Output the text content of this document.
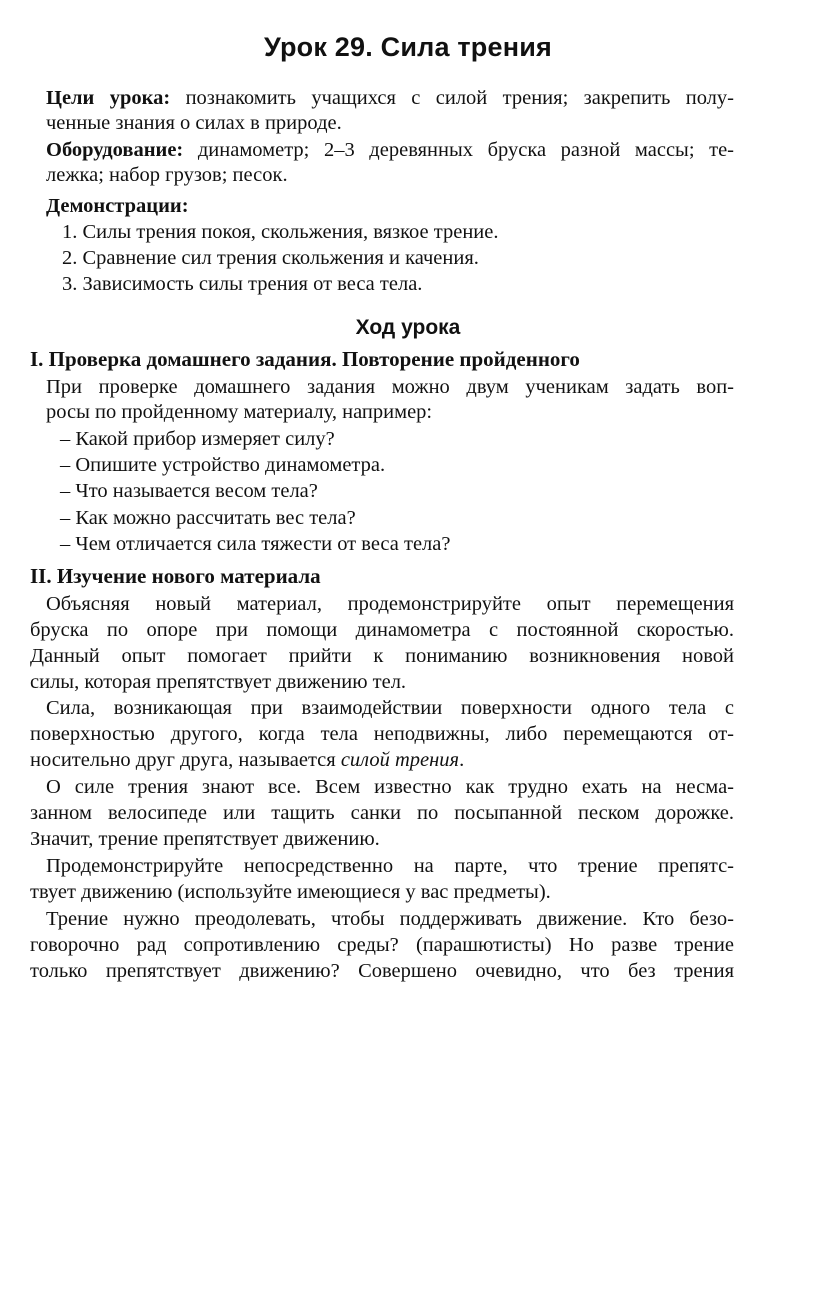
Урок 29. Сила трения
Цели урока: познакомить учащихся с силой трения; закрепить полу-
ченные знания о силах в природе.
Оборудование: динамометр; 2–3 деревянных бруска разной массы; те-
лежка; набор грузов; песок.
Демонстрации:
1. Силы трения покоя, скольжения, вязкое трение.
2. Сравнение сил трения скольжения и качения.
3. Зависимость силы трения от веса тела.
Ход урока
I. Проверка домашнего задания. Повторение пройденного
При проверке домашнего задания можно двум ученикам задать воп-
росы по пройденному материалу, например:
– Какой прибор измеряет силу?
– Опишите устройство динамометра.
– Что называется весом тела?
– Как можно рассчитать вес тела?
– Чем отличается сила тяжести от веса тела?
II. Изучение нового материала
Объясняя новый материал, продемонстрируйте опыт перемещения
бруска по опоре при помощи динамометра с постоянной скоростью.
Данный опыт помогает прийти к пониманию возникновения новой
силы, которая препятствует движению тел.
Сила, возникающая при взаимодействии поверхности одного тела с
поверхностью другого, когда тела неподвижны, либо перемещаются от-
носительно друг друга, называется силой трения.
О силе трения знают все. Всем известно как трудно ехать на несма-
занном велосипеде или тащить санки по посыпанной песком дорожке.
Значит, трение препятствует движению.
Продемонстрируйте непосредственно на парте, что трение препятс-
твует движению (используйте имеющиеся у вас предметы).
Трение нужно преодолевать, чтобы поддерживать движение. Кто безо-
говорочно рад сопротивлению среды? (парашютисты) Но разве трение
только препятствует движению? Совершено очевидно, что без трения
